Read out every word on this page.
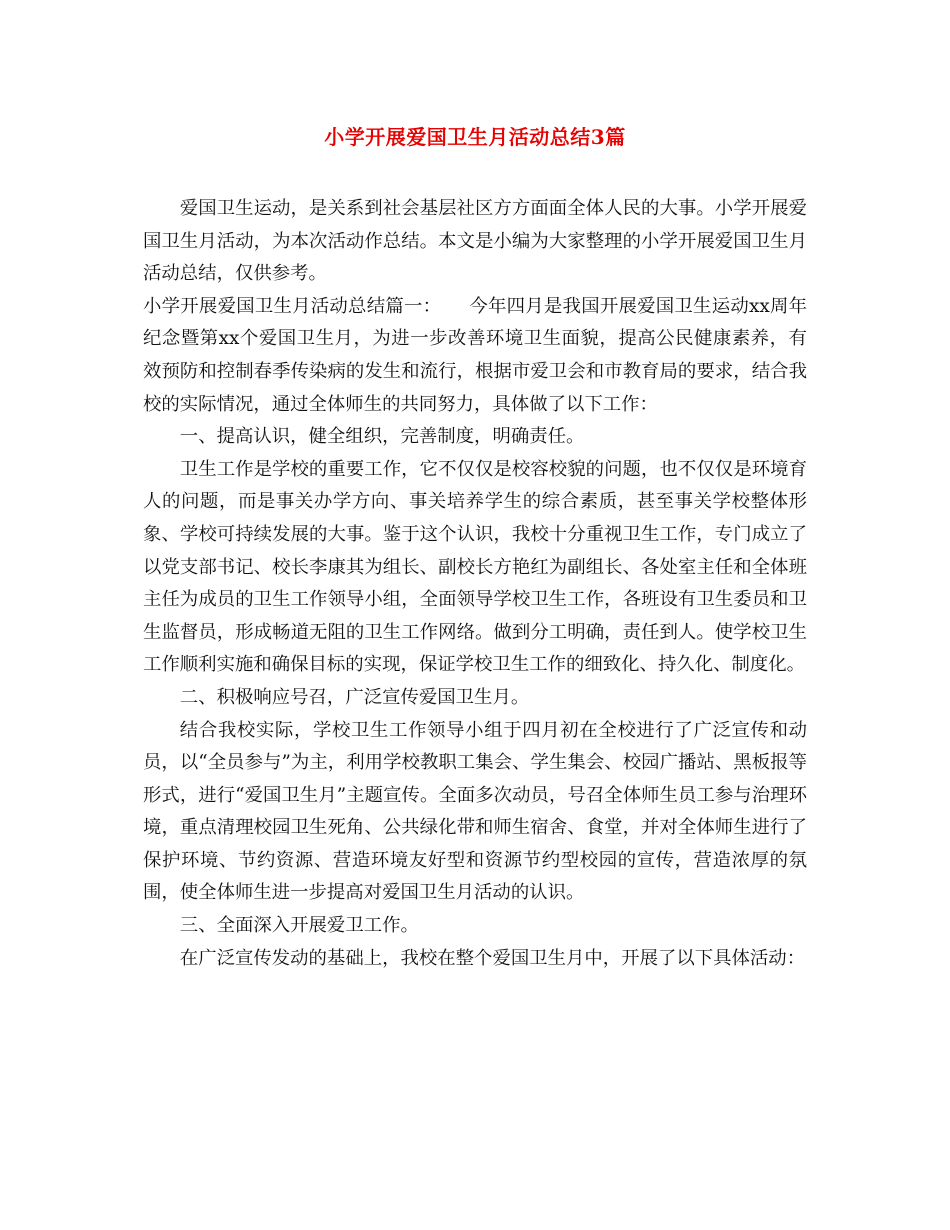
小学开展爱国卫生月活动总结3篇

爱国卫生运动，是关系到社会基层社区方方面面全体人民的大事。小学开展爱国卫生月活动，为本次活动作总结。本文是小编为大家整理的小学开展爱国卫生月活动总结，仅供参考。

小学开展爱国卫生月活动总结篇一：　　今年四月是我国开展爱国卫生运动xx周年纪念暨第xx个爱国卫生月，为进一步改善环境卫生面貌，提高公民健康素养，有效预防和控制春季传染病的发生和流行，根据市爱卫会和市教育局的要求，结合我校的实际情况，通过全体师生的共同努力，具体做了以下工作：

一、提高认识，健全组织，完善制度，明确责任。

卫生工作是学校的重要工作，它不仅仅是校容校貌的问题，也不仅仅是环境育人的问题，而是事关办学方向、事关培养学生的综合素质，甚至事关学校整体形象、学校可持续发展的大事。鉴于这个认识，我校十分重视卫生工作，专门成立了以党支部书记、校长李康其为组长、副校长方艳红为副组长、各处室主任和全体班主任为成员的卫生工作领导小组，全面领导学校卫生工作，各班设有卫生委员和卫生监督员，形成畅道无阻的卫生工作网络。做到分工明确，责任到人。使学校卫生工作顺利实施和确保目标的实现，保证学校卫生工作的细致化、持久化、制度化。

二、积极响应号召，广泛宣传爱国卫生月。

结合我校实际，学校卫生工作领导小组于四月初在全校进行了广泛宣传和动员，以“全员参与”为主，利用学校教职工集会、学生集会、校园广播站、黑板报等形式，进行“爱国卫生月”主题宣传。全面多次动员，号召全体师生员工参与治理环境，重点清理校园卫生死角、公共绿化带和师生宿舍、食堂，并对全体师生进行了保护环境、节约资源、营造环境友好型和资源节约型校园的宣传，营造浓厚的氛围，使全体师生进一步提高对爱国卫生月活动的认识。

三、全面深入开展爱卫工作。

在广泛宣传发动的基础上，我校在整个爱国卫生月中，开展了以下具体活动：
